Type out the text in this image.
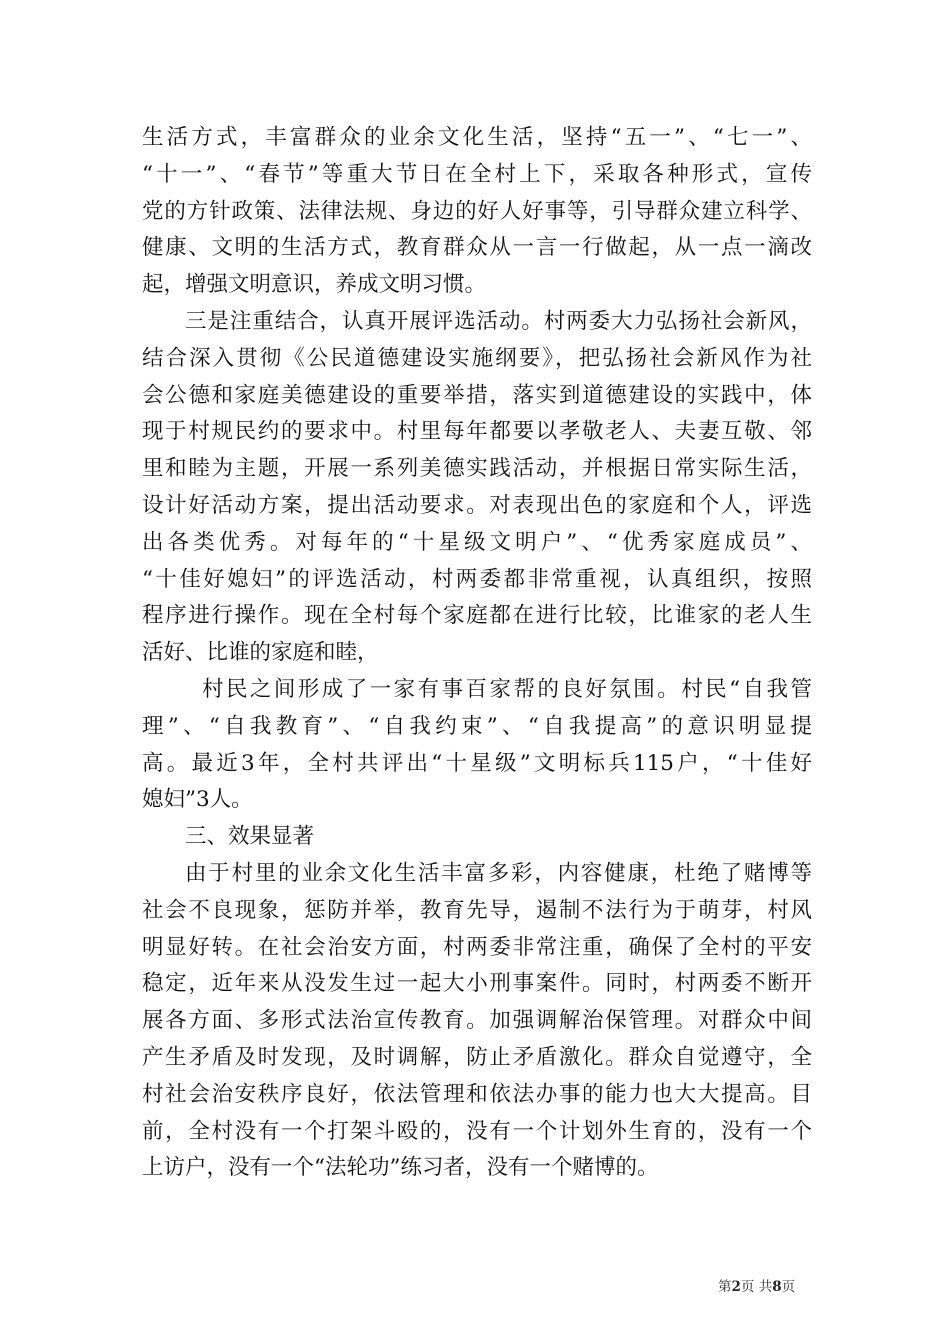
生活方式，丰富群众的业余文化生活，坚持“五一”、“七一”、
“十一”、“春节”等重大节日在全村上下，采取各种形式，宣传
党的方针政策、法律法规、身边的好人好事等，引导群众建立科学、
健康、文明的生活方式，教育群众从一言一行做起，从一点一滴改
起，增强文明意识，养成文明习惯。
三是注重结合，认真开展评选活动。村两委大力弘扬社会新风，
结合深入贯彻《公民道德建设实施纲要》，把弘扬社会新风作为社
会公德和家庭美德建设的重要举措，落实到道德建设的实践中，体
现于村规民约的要求中。村里每年都要以孝敬老人、夫妻互敬、邻
里和睦为主题，开展一系列美德实践活动，并根据日常实际生活，
设计好活动方案，提出活动要求。对表现出色的家庭和个人，评选
出各类优秀。对每年的“十星级文明户”、“优秀家庭成员”、
“十佳好媳妇”的评选活动，村两委都非常重视，认真组织，按照
程序进行操作。现在全村每个家庭都在进行比较，比谁家的老人生
活好、比谁的家庭和睦，
村民之间形成了一家有事百家帮的良好氛围。村民“自我管
理”、“自我教育”、“自我约束”、“自我提高”的意识明显提
高。最近3年，全村共评出“十星级”文明标兵115户，“十佳好
媳妇”3人。
三、效果显著
由于村里的业余文化生活丰富多彩，内容健康，杜绝了赌博等
社会不良现象，惩防并举，教育先导，遏制不法行为于萌芽，村风
明显好转。在社会治安方面，村两委非常注重，确保了全村的平安
稳定，近年来从没发生过一起大小刑事案件。同时，村两委不断开
展各方面、多形式法治宣传教育。加强调解治保管理。对群众中间
产生矛盾及时发现，及时调解，防止矛盾激化。群众自觉遵守，全
村社会治安秩序良好，依法管理和依法办事的能力也大大提高。目
前，全村没有一个打架斗殴的，没有一个计划外生育的，没有一个
上访户，没有一个“法轮功”练习者，没有一个赌博的。
第2页 共8页
